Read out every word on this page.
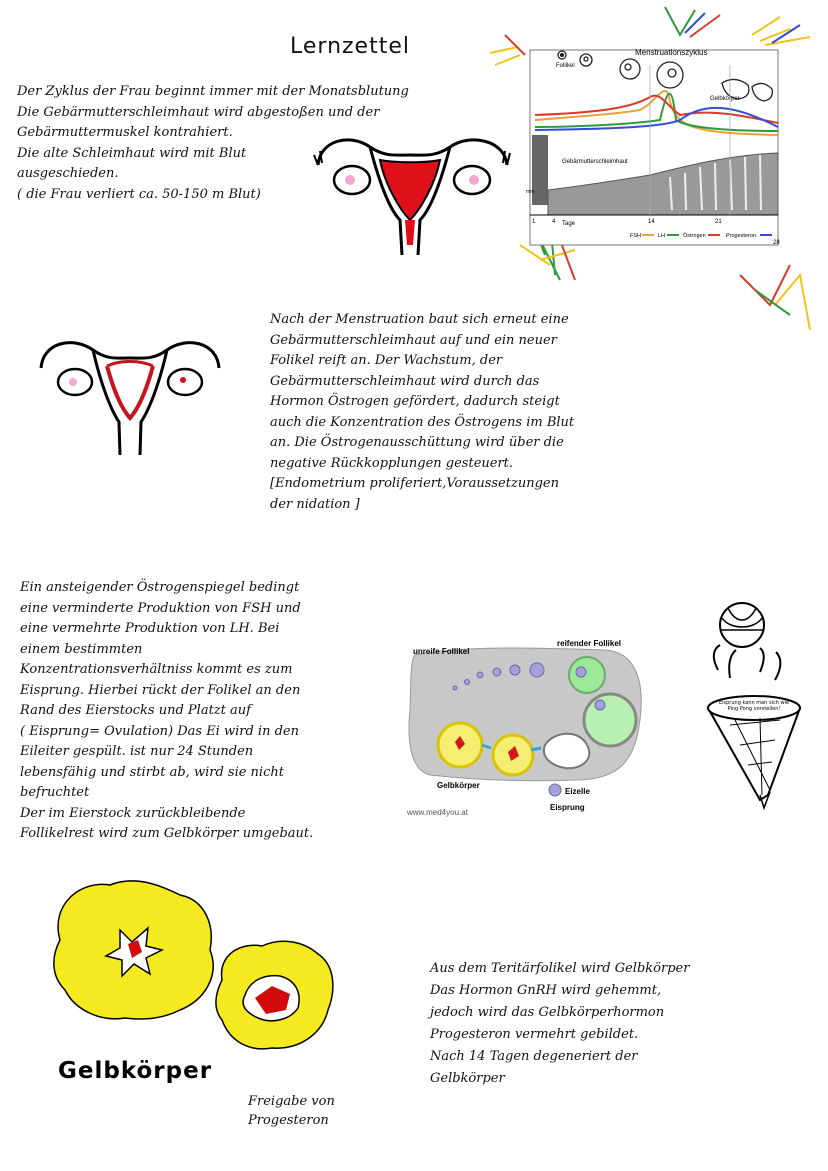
Lernzettel
Der Zyklus der Frau beginnt immer mit der Monatsblutung
Die Gebärmutterschleimhaut wird abgestoßen und der
Gebärmuttermuskel kontrahiert.
Die alte Schleimhaut wird mit Blut
ausgeschieden.
( die Frau verliert ca. 50-150 m Blut)
Menstruationszyklus
Follikel
Gelbkörper
Gebärmutterschleimhaut
mm
Tage
1	4	14	21
28
FSH	LH	Östrogen	Progesteron
Nach der Menstruation baut sich erneut eine
Gebärmutterschleimhaut auf und ein neuer
Folikel reift an. Der Wachstum, der
Gebärmutterschleimhaut wird durch das
Hormon Östrogen gefördert, dadurch steigt
auch die Konzentration des Östrogens im Blut
an. Die Östrogenausschüttung wird über die
negative Rückkopplungen gesteuert.
[Endometrium proliferiert,Voraussetzungen
der nidation ]
Ein ansteigender Östrogenspiegel bedingt
eine verminderte Produktion von FSH und
eine vermehrte Produktion von LH. Bei
einem bestimmten
Konzentrationsverhältniss kommt es zum
Eisprung. Hierbei rückt der Folikel an den
Rand des Eierstocks und Platzt auf
( Eisprung= Ovulation) Das Ei wird in den
Eileiter gespült. ist nur 24 Stunden
lebensfähig und stirbt ab, wird sie nicht
befruchtet
Der im Eierstock zurückbleibende
Follikelrest wird zum Gelbkörper umgebaut.
unreife Follikel
reifender Follikel
Eizelle
Eisprung
Gelbkörper
www.med4you.at
Eisprung kann man sich wie Ping Pong vorstellen!
Gelbkörper
Freigabe von
Progesteron
Aus dem Teritärfolikel wird Gelbkörper
Das Hormon GnRH wird gehemmt,
jedoch wird das Gelbkörperhormon
Progesteron vermehrt gebildet.
Nach 14 Tagen degeneriert der
Gelbkörper
